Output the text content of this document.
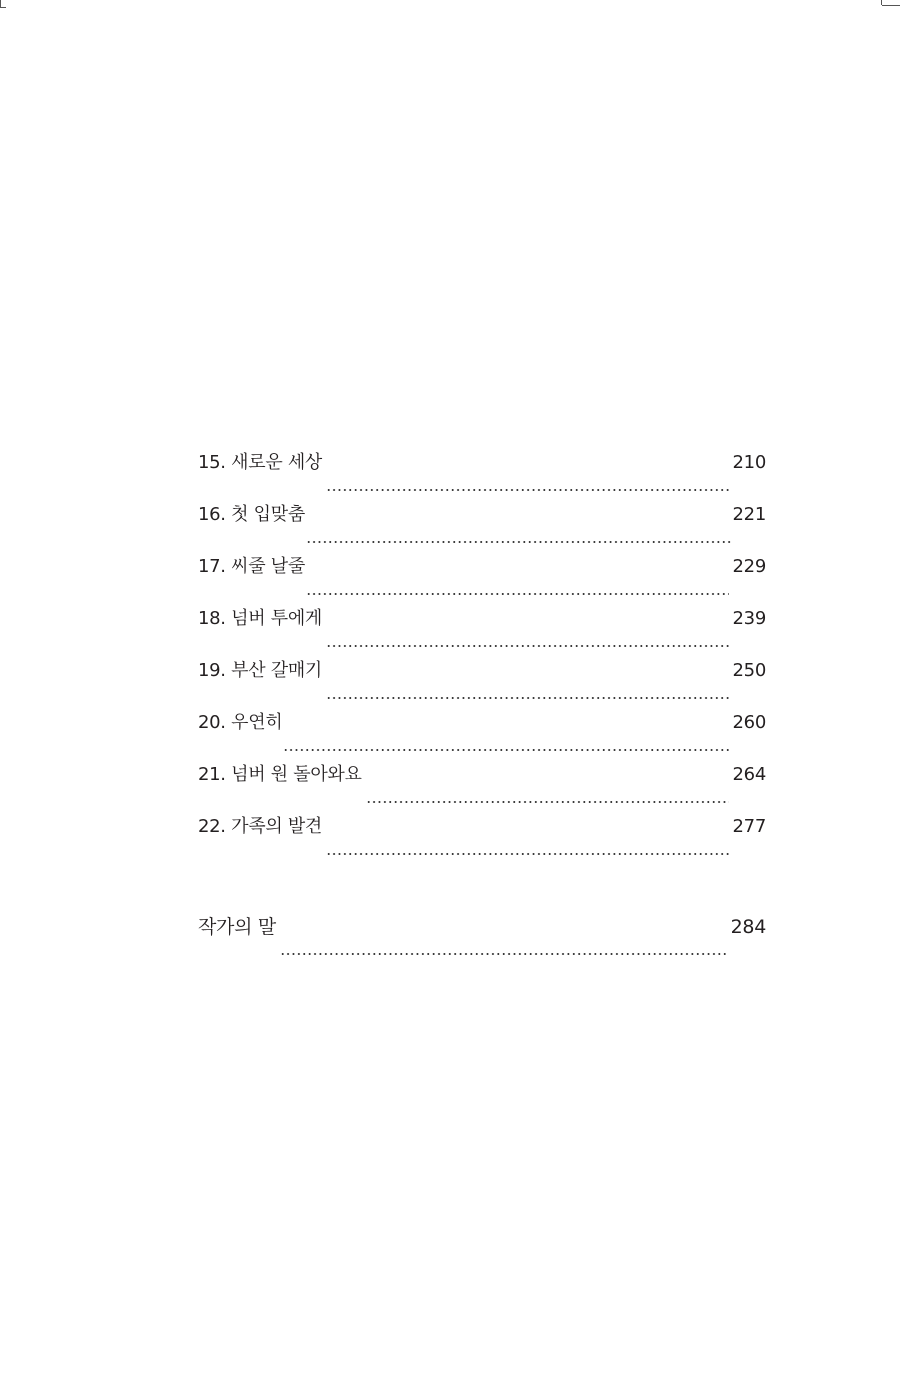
15. 새로운 세상	210
16. 첫 입맞춤	221
17. 씨줄 날줄	229
18. 넘버 투에게	239
19. 부산 갈매기	250
20. 우연히	260
21. 넘버 원 돌아와요	264
22. 가족의 발견	277
작가의 말	284
